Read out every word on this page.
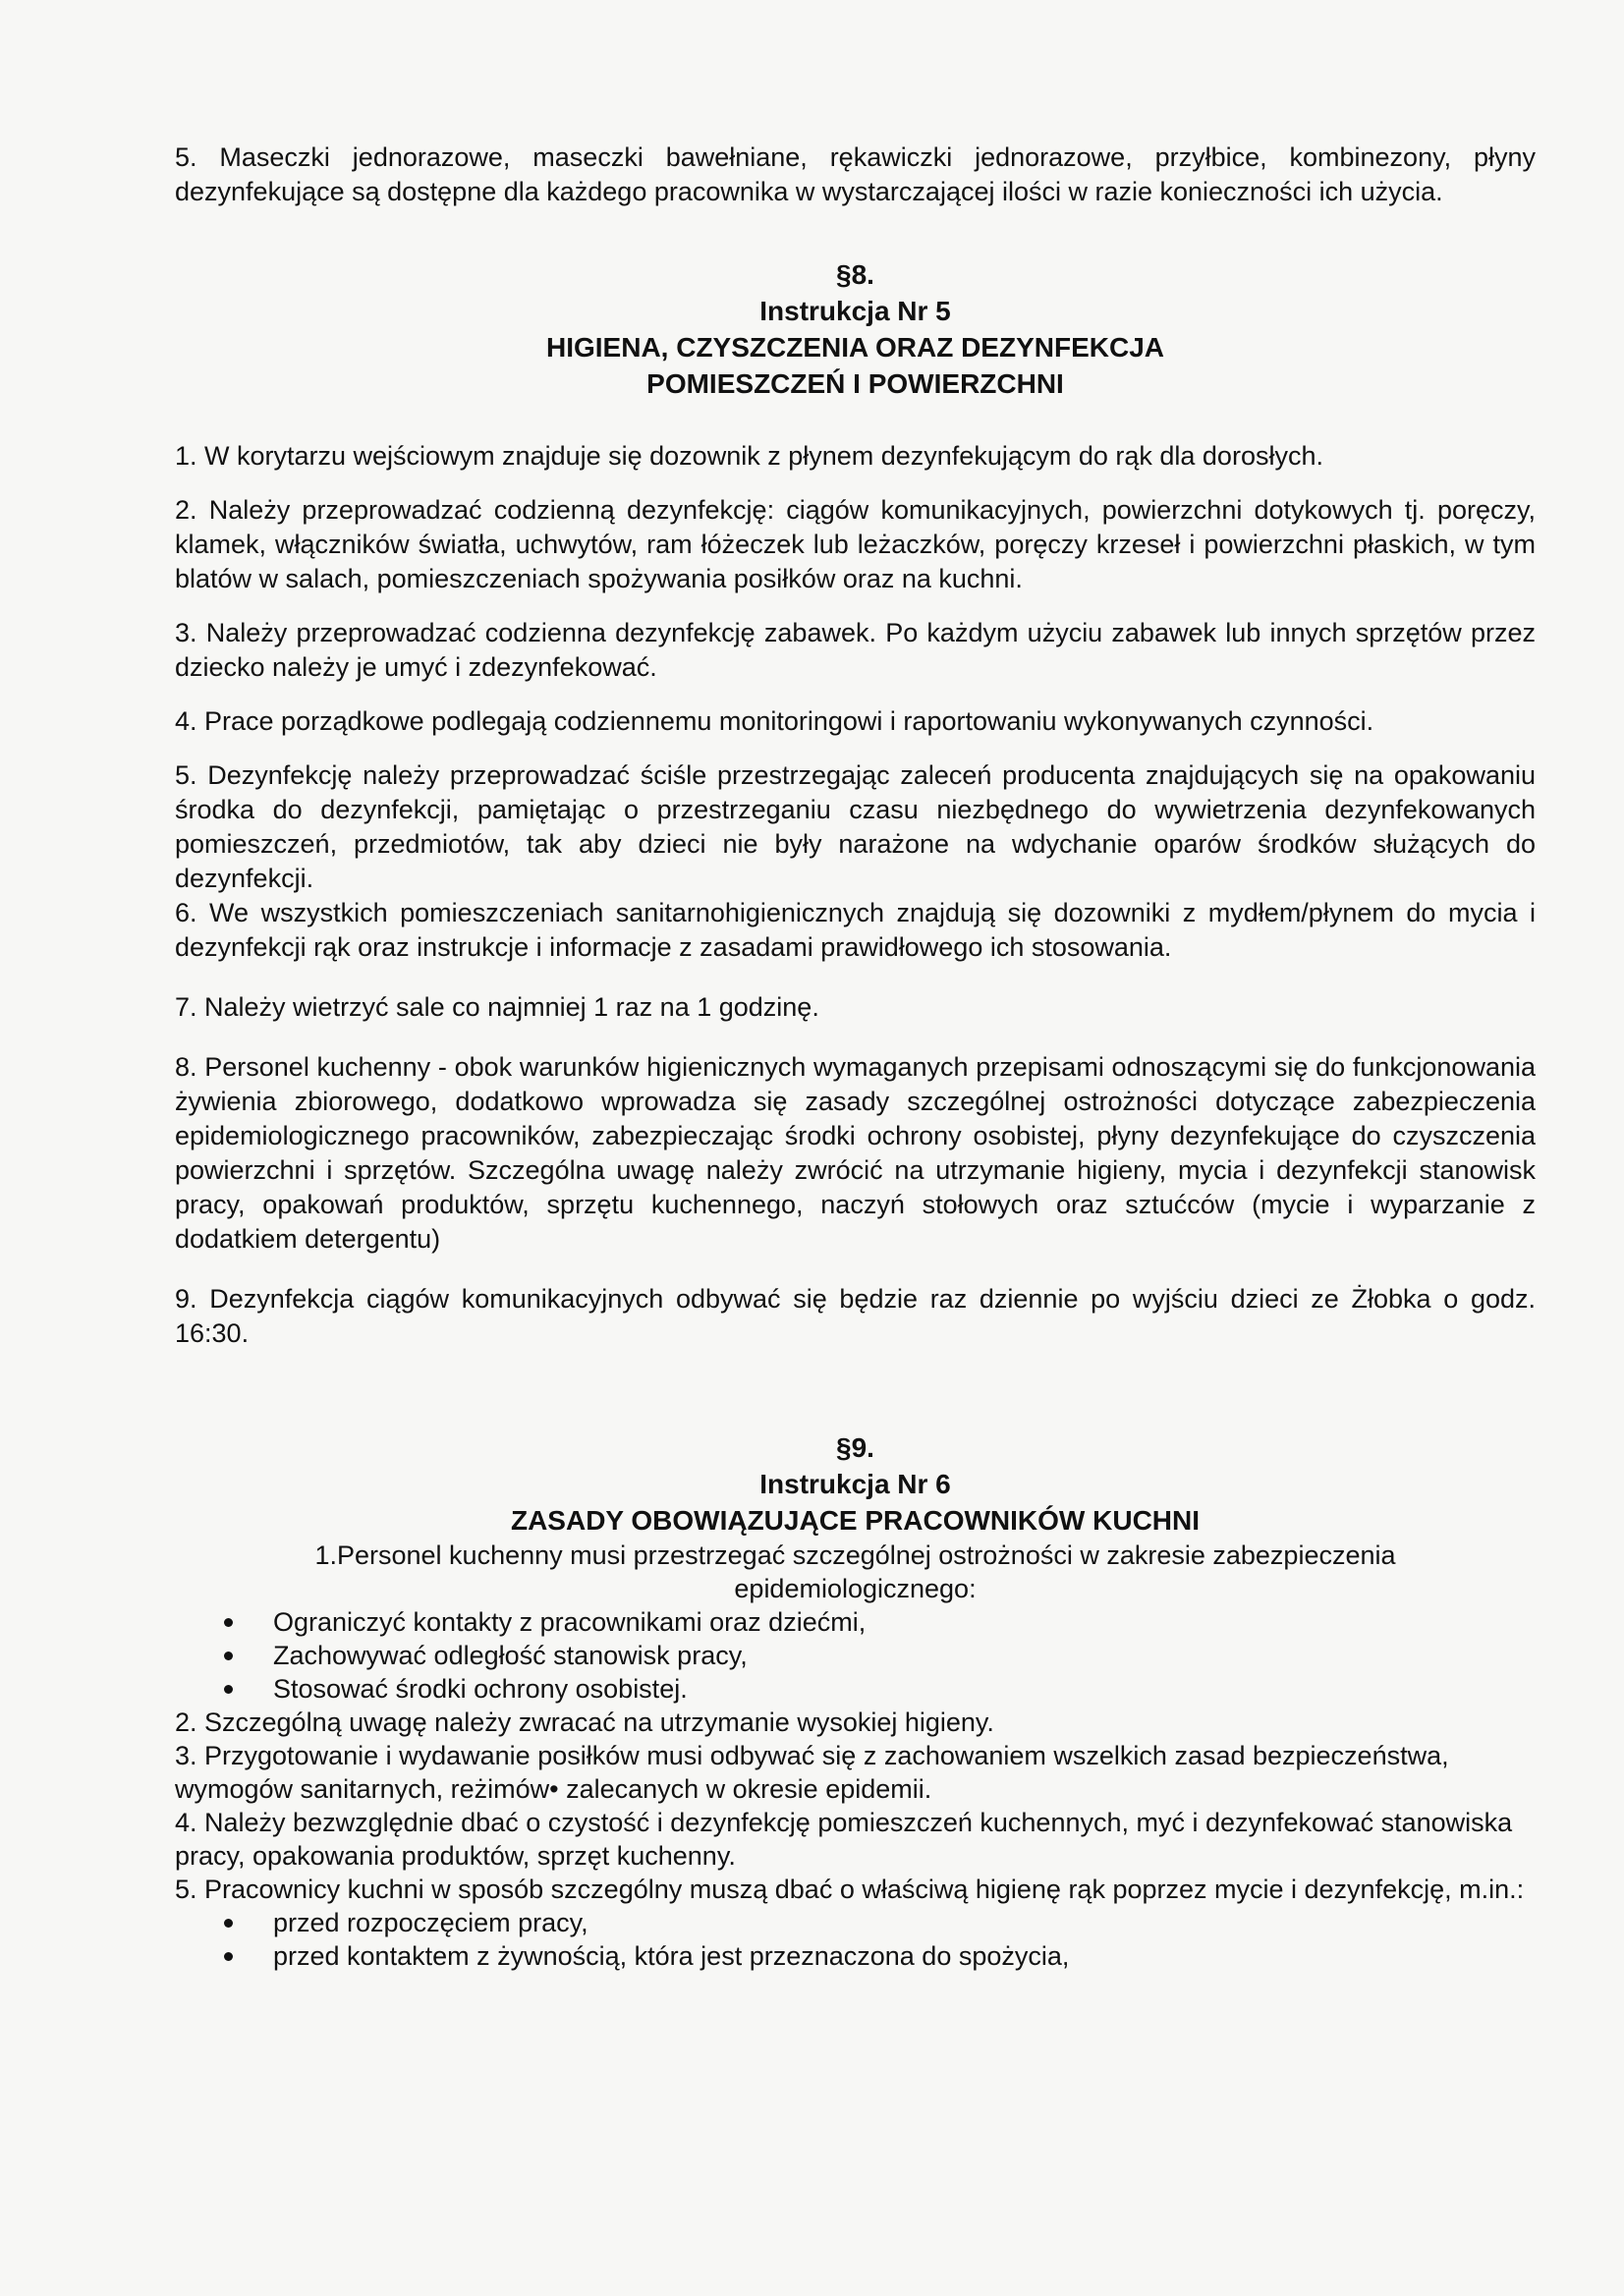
5. Maseczki jednorazowe, maseczki bawełniane, rękawiczki jednorazowe, przyłbice, kombinezony, płyny dezynfekujące są dostępne dla każdego pracownika w wystarczającej ilości w razie konieczności ich użycia.

§8.

Instrukcja Nr 5

HIGIENA, CZYSZCZENIA ORAZ DEZYNFEKCJA

POMIESZCZEŃ I POWIERZCHNI

1. W korytarzu wejściowym znajduje się dozownik z płynem dezynfekującym do rąk dla dorosłych.

2. Należy przeprowadzać codzienną dezynfekcję: ciągów komunikacyjnych, powierzchni dotykowych tj. poręczy, klamek, włączników światła, uchwytów, ram łóżeczek lub leżaczków, poręczy krzeseł i powierzchni płaskich, w tym blatów w salach, pomieszczeniach spożywania posiłków oraz na kuchni.

3. Należy przeprowadzać codzienna dezynfekcję zabawek. Po każdym użyciu zabawek lub innych sprzętów przez dziecko należy je umyć i zdezynfekować.

4. Prace porządkowe podlegają codziennemu monitoringowi i raportowaniu wykonywanych czynności.

5. Dezynfekcję należy przeprowadzać ściśle przestrzegając zaleceń producenta znajdujących się na opakowaniu środka do dezynfekcji, pamiętając o przestrzeganiu czasu niezbędnego do wywietrzenia dezynfekowanych pomieszczeń, przedmiotów, tak aby dzieci nie były narażone na wdychanie oparów środków służących do dezynfekcji.

6. We wszystkich pomieszczeniach sanitarnohigienicznych znajdują się dozowniki z mydłem/płynem do mycia i dezynfekcji rąk oraz instrukcje i informacje z zasadami prawidłowego ich stosowania.

7. Należy wietrzyć sale co najmniej 1 raz na 1 godzinę.

8. Personel kuchenny - obok warunków higienicznych wymaganych przepisami odnoszącymi się do funkcjonowania żywienia zbiorowego, dodatkowo wprowadza się zasady szczególnej ostrożności dotyczące zabezpieczenia epidemiologicznego pracowników, zabezpieczając środki ochrony osobistej, płyny dezynfekujące do czyszczenia powierzchni i sprzętów. Szczególna uwagę należy zwrócić na utrzymanie higieny, mycia i dezynfekcji stanowisk pracy, opakowań produktów, sprzętu kuchennego, naczyń stołowych oraz sztućców (mycie i wyparzanie z dodatkiem detergentu)

9. Dezynfekcja ciągów komunikacyjnych odbywać się będzie raz dziennie po wyjściu dzieci ze Żłobka o godz. 16:30.

§9.

Instrukcja Nr 6

ZASADY OBOWIĄZUJĄCE PRACOWNIKÓW KUCHNI

1.Personel kuchenny musi przestrzegać szczególnej ostrożności w zakresie zabezpieczenia

epidemiologicznego:

Ograniczyć kontakty z pracownikami oraz dziećmi,
Zachowywać odległość stanowisk pracy,
Stosować środki ochrony osobistej.

2. Szczególną uwagę należy zwracać na utrzymanie wysokiej higieny.

3. Przygotowanie i wydawanie posiłków musi odbywać się z zachowaniem wszelkich zasad bezpieczeństwa, wymogów sanitarnych, reżimów• zalecanych w okresie epidemii.

4. Należy bezwzględnie dbać o czystość i dezynfekcję pomieszczeń kuchennych, myć i dezynfekować stanowiska pracy, opakowania produktów, sprzęt kuchenny.

5. Pracownicy kuchni w sposób szczególny muszą dbać o właściwą higienę rąk poprzez mycie i dezynfekcję, m.in.:

przed rozpoczęciem pracy,
przed kontaktem z żywnością, która jest przeznaczona do spożycia,
